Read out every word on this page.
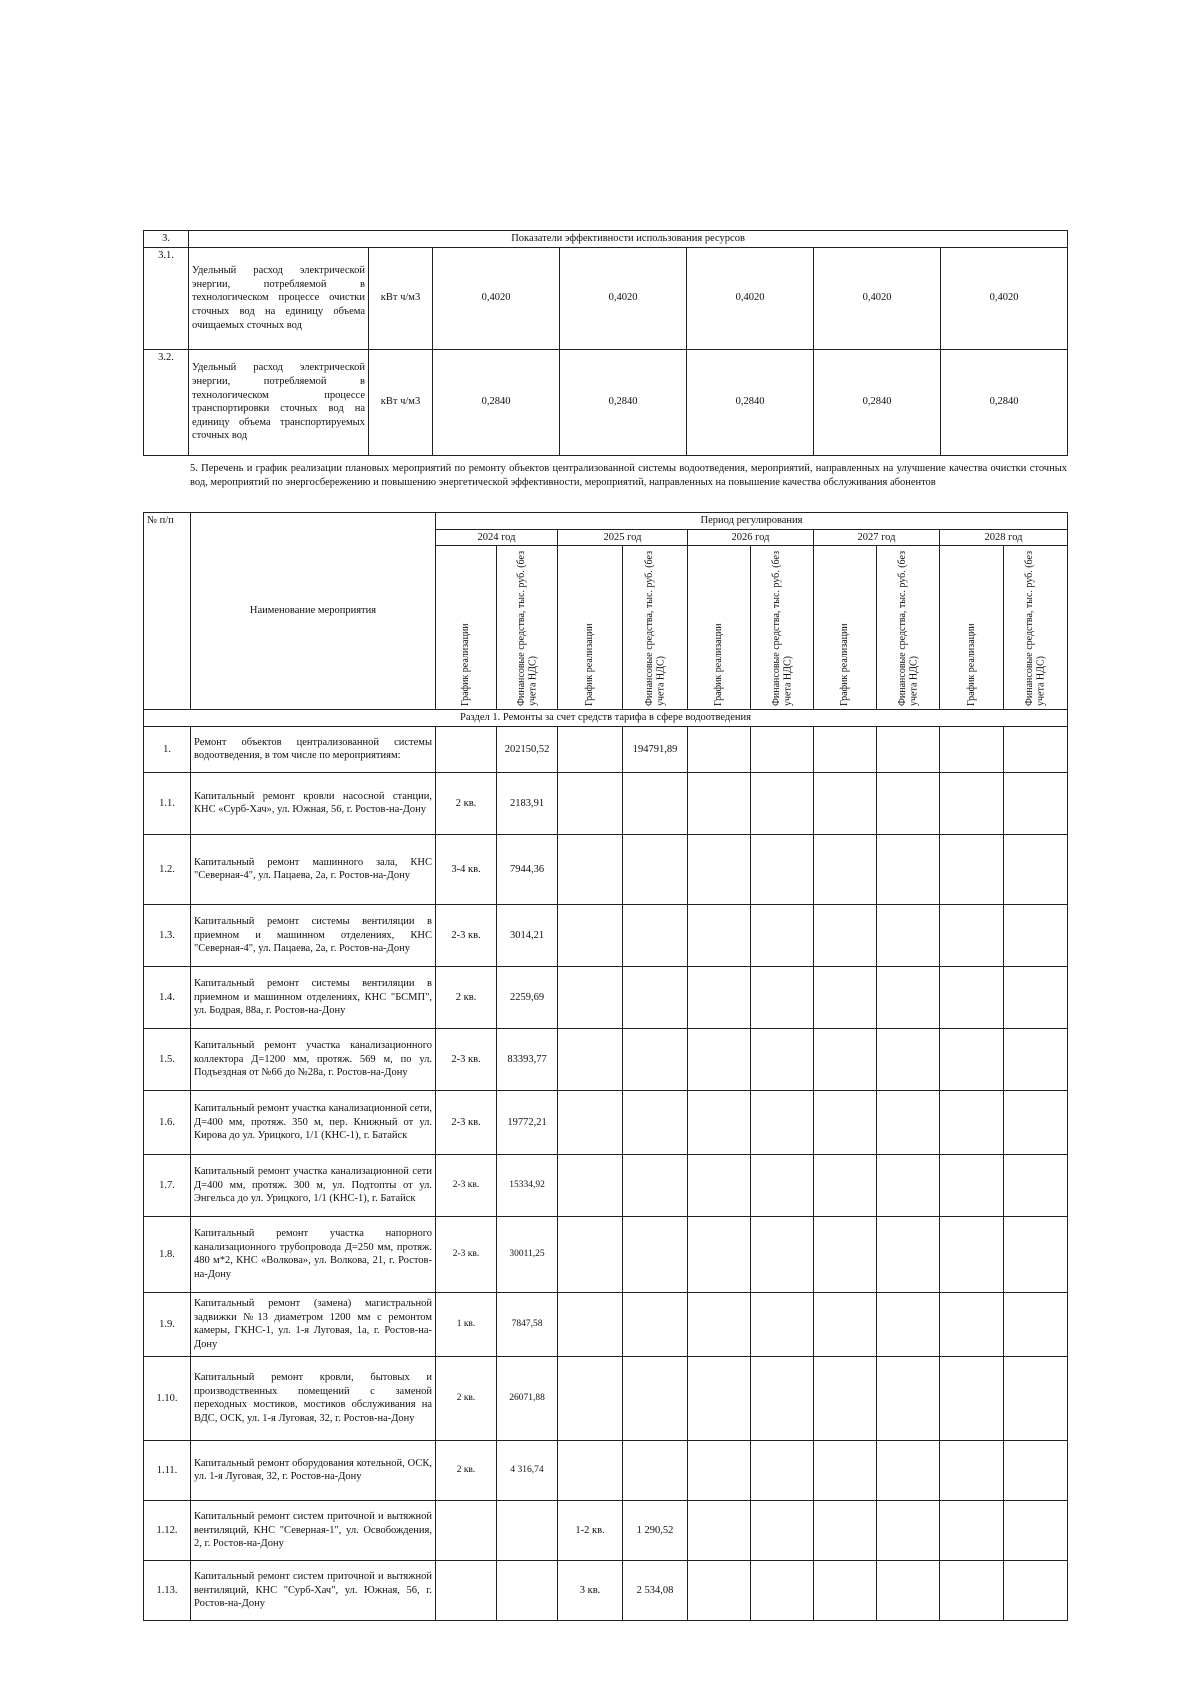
3.	Показатели эффективности использования ресурсов						
3.1.	Удельный расход электрической энергии, потребляемой в технологическом процессе очистки сточных вод на единицу объема очищаемых сточных вод	кВт ч/м3	0,4020	0,4020	0,4020	0,4020	0,4020
3.2.	Удельный расход электрической энергии, потребляемой в технологическом процессе транспортировки сточных вод на единицу объема транспортируемых сточных вод	кВт ч/м3	0,2840	0,2840	0,2840	0,2840	0,2840
5. Перечень и график реализации плановых мероприятий по ремонту объектов централизованной системы водоотведения, мероприятий, направленных на улучшение качества очистки сточных вод, мероприятий по энергосбережению и повышению энергетической эффективности, мероприятий, направленных на повышение качества обслуживания абонентов
№ п/п	Наименование мероприятия	Период регулирования									
		2024 год		2025 год		2026 год		2027 год		2028 год	

		График реализации	Финансовые средства, тыс. руб. (без учета НДС)	График реализации	Финансовые средства, тыс. руб. (без учета НДС)	График реализации	Финансовые средства, тыс. руб. (без учета НДС)	График реализации	Финансовые средства, тыс. руб. (без учета НДС)	График реализации	Финансовые средства, тыс. руб. (без учета НДС)

Раздел 1. Ремонты за счет средств тарифа в сфере водоотведения											
1.	Ремонт объектов централизованной системы водоотведения, в том числе по мероприятиям:		202150,52		194791,89						
1.1.	Капитальный ремонт кровли насосной станции, КНС «Сурб-Хач», ул. Южная, 56, г. Ростов-на-Дону	2 кв.	2183,91								
1.2.	Капитальный ремонт машинного зала, КНС "Северная-4", ул. Пацаева, 2а, г. Ростов-на-Дону	3-4 кв.	7944,36								
1.3.	Капитальный ремонт системы вентиляции в приемном и машинном отделениях, КНС "Северная-4", ул. Пацаева, 2а, г. Ростов-на-Дону	2-3 кв.	3014,21								
1.4.	Капитальный ремонт системы вентиляции в приемном и машинном отделениях, КНС "БСМП", ул. Бодрая, 88а, г. Ростов-на-Дону	2 кв.	2259,69								
1.5.	Капитальный ремонт участка канализационного коллектора Д=1200 мм, протяж. 569 м, по ул. Подъездная от №66 до №28а, г. Ростов-на-Дону	2-3 кв.	83393,77								
1.6.	Капитальный ремонт участка канализационной сети, Д=400 мм, протяж. 350 м, пер. Книжный от ул. Кирова до ул. Урицкого, 1/1 (КНС-1), г. Батайск	2-3 кв.	19772,21								
1.7.	Капитальный ремонт участка канализационной сети Д=400 мм, протяж. 300 м, ул. Подтопты от ул. Энгельса до ул. Урицкого, 1/1 (КНС-1), г. Батайск	2-3 кв.	15334,92								
1.8.	Капитальный ремонт участка напорного канализационного трубопровода Д=250 мм, протяж. 480 м*2, КНС «Волкова», ул. Волкова, 21, г. Ростов-на-Дону	2-3 кв.	30011,25								
1.9.	Капитальный ремонт (замена) магистральной задвижки №13 диаметром 1200 мм с ремонтом камеры, ГКНС-1, ул. 1-я Луговая, 1а, г. Ростов-на-Дону	1 кв.	7847,58								
1.10.	Капитальный ремонт кровли, бытовых и производственных помещений с заменой переходных мостиков, мостиков обслуживания на ВДС, ОСК, ул. 1-я Луговая, 32, г. Ростов-на-Дону	2 кв.	26071,88								
1.11.	Капитальный ремонт оборудования котельной, ОСК, ул. 1-я Луговая, 32, г. Ростов-на-Дону	2 кв.	4 316,74								
1.12.	Капитальный ремонт систем приточной и вытяжной вентиляций, КНС "Северная-1", ул. Освобождения, 2, г. Ростов-на-Дону			1-2 кв.	1 290,52						
1.13.	Капитальный ремонт систем приточной и вытяжной вентиляций, КНС "Сурб-Хач", ул. Южная, 56, г. Ростов-на-Дону			3 кв.	2 534,08						
